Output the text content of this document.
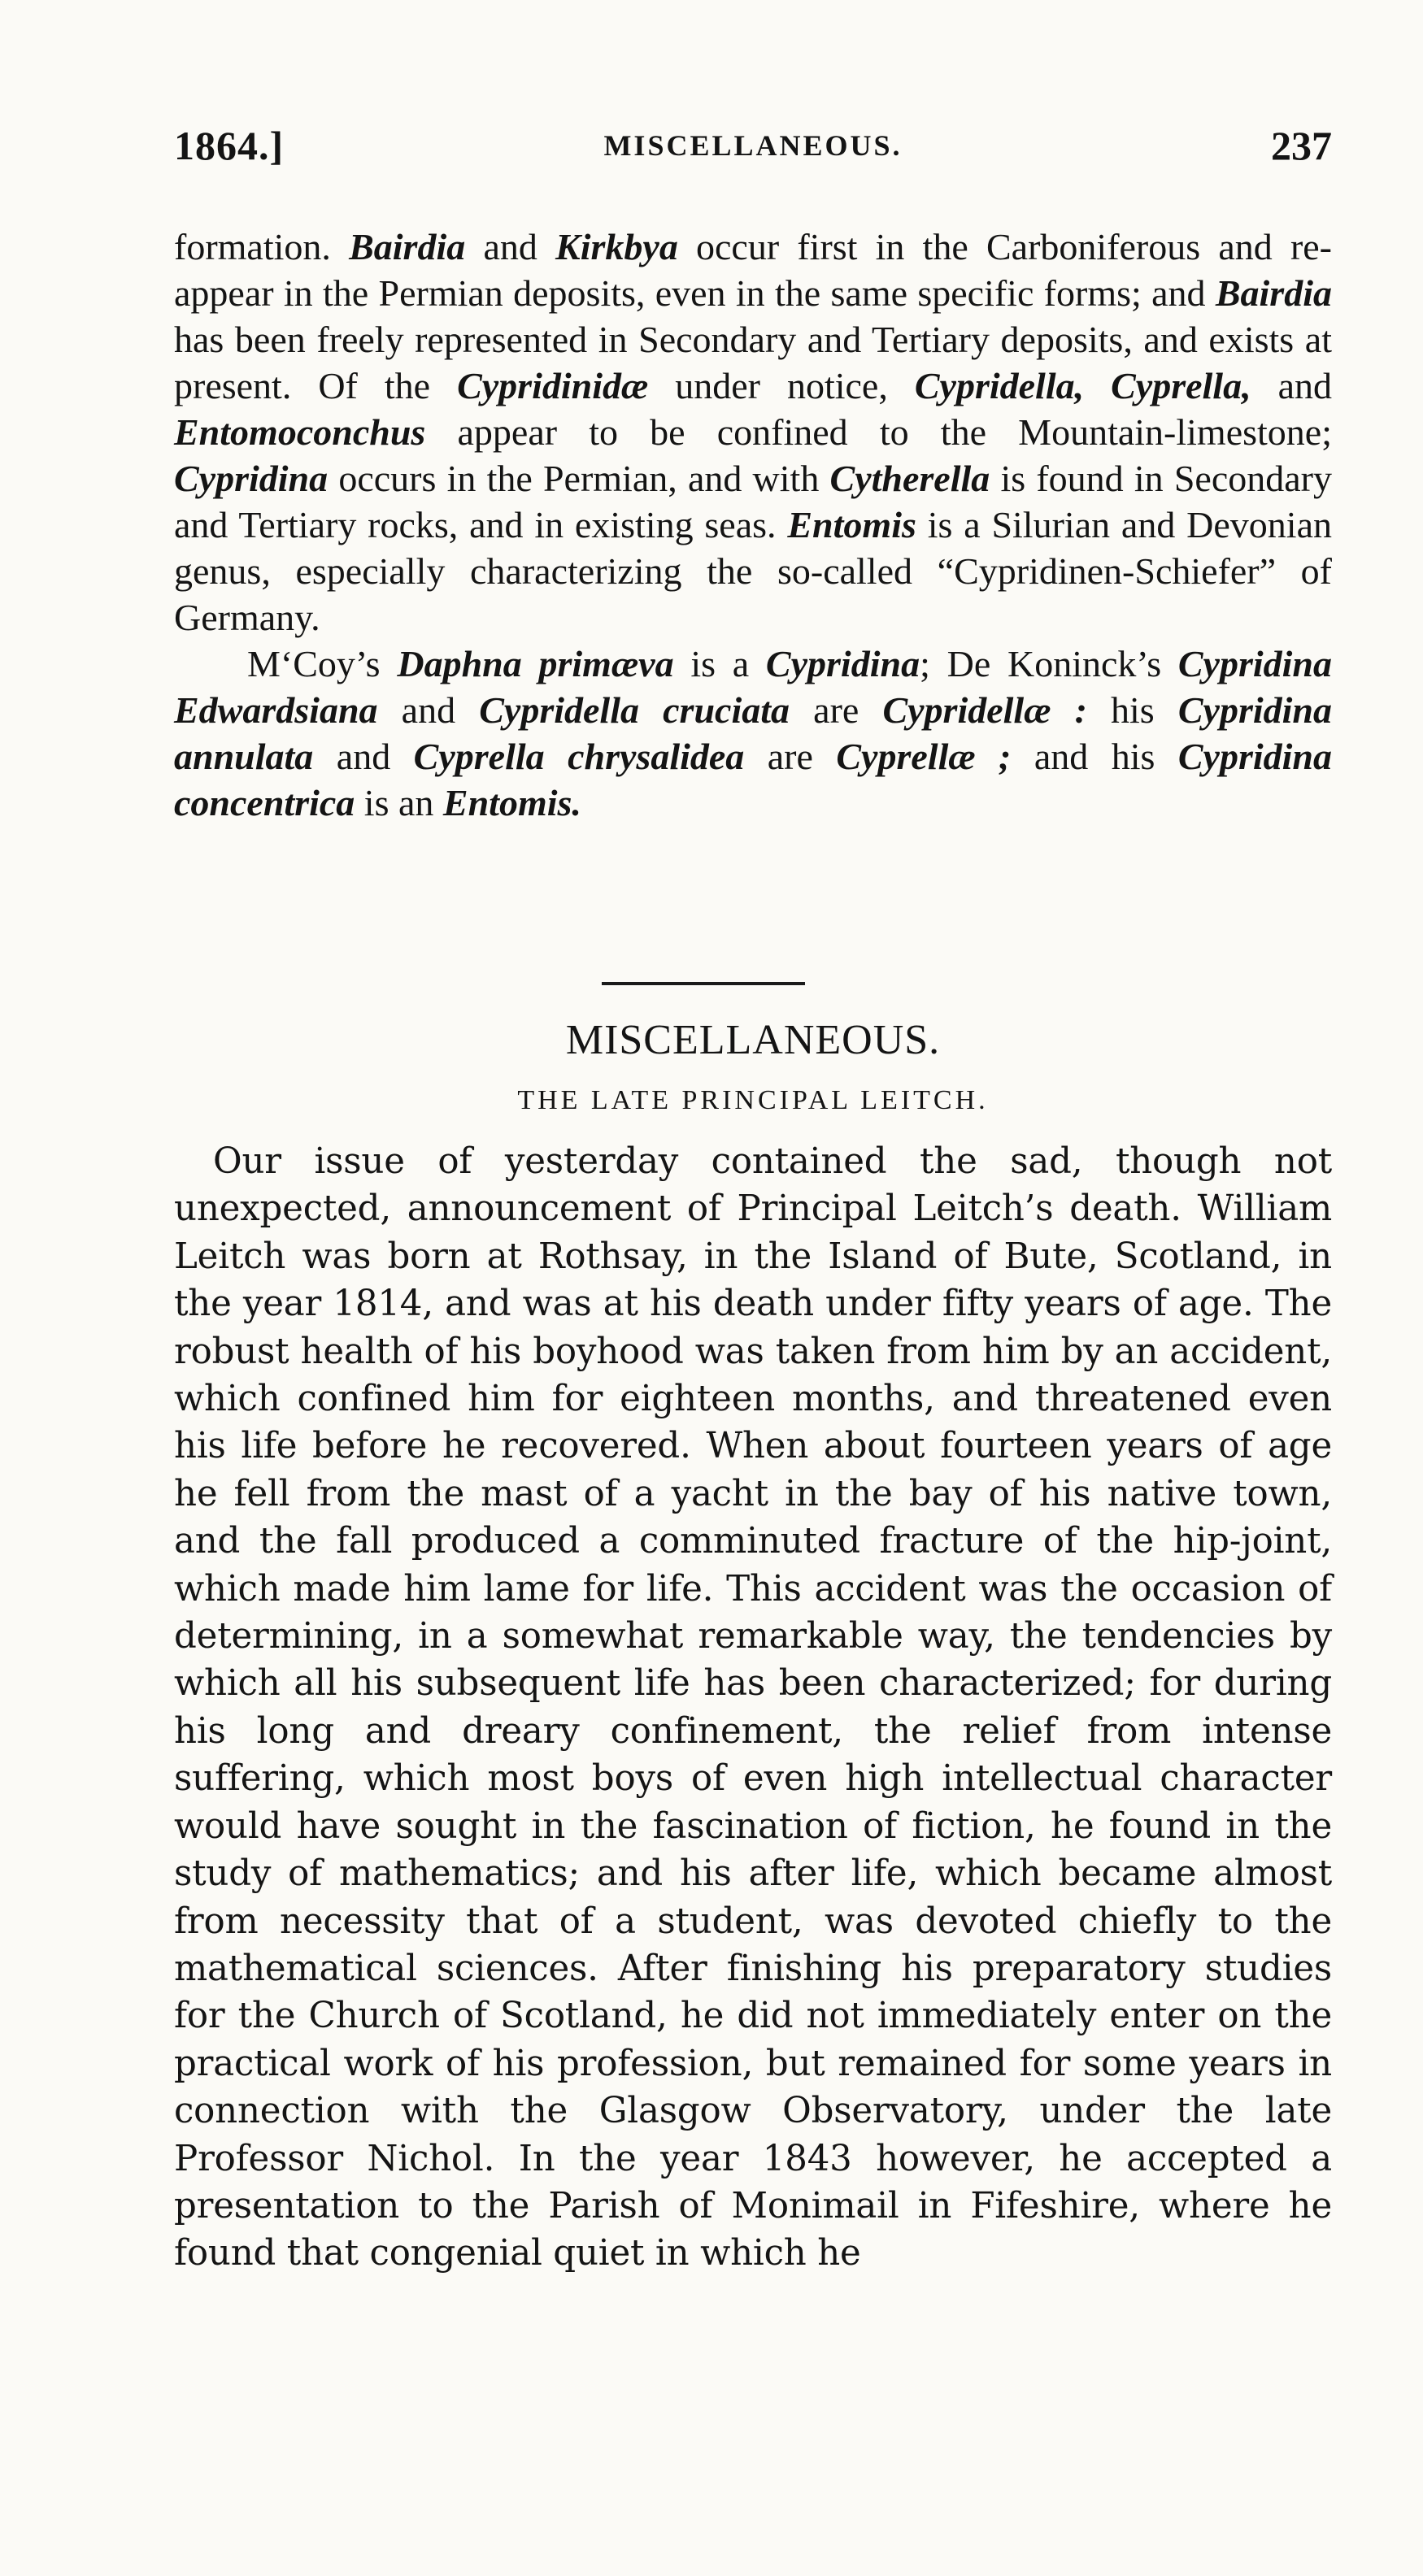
1864.]	MISCELLANEOUS.	237

formation. Bairdia and Kirkbya occur first in the Carboniferous and re-appear in the Permian deposits, even in the same specific forms; and Bairdia has been freely represented in Secondary and Tertiary deposits, and exists at present. Of the Cypridinidæ under notice, Cypridella, Cyprella, and Entomoconchus appear to be confined to the Mountain-limestone; Cypridina occurs in the Permian, and with Cytherella is found in Secondary and Tertiary rocks, and in existing seas. Entomis is a Silurian and Devonian genus, especially characterizing the so-called “Cypridinen-Schiefer” of Germany.

M‘Coy’s Daphna primæva is a Cypridina; De Koninck’s Cypridina Edwardsiana and Cypridella cruciata are Cypridellæ : his Cypridina annulata and Cyprella chrysalidea are Cyprellæ ; and his Cypridina concentrica is an Entomis.

MISCELLANEOUS.
THE LATE PRINCIPAL LEITCH.

Our issue of yesterday contained the sad, though not unexpected, announcement of Principal Leitch’s death. William Leitch was born at Rothsay, in the Island of Bute, Scotland, in the year 1814, and was at his death under fifty years of age. The robust health of his boyhood was taken from him by an accident, which confined him for eighteen months, and threatened even his life before he recovered. When about fourteen years of age he fell from the mast of a yacht in the bay of his native town, and the fall produced a comminuted fracture of the hip-joint, which made him lame for life. This accident was the occasion of determining, in a somewhat remarkable way, the tendencies by which all his subsequent life has been characterized; for during his long and dreary confinement, the relief from intense suffering, which most boys of even high intellectual character would have sought in the fascination of fiction, he found in the study of mathematics; and his after life, which became almost from necessity that of a student, was devoted chiefly to the mathematical sciences. After finishing his preparatory studies for the Church of Scotland, he did not immediately enter on the practical work of his profession, but remained for some years in connection with the Glasgow Observatory, under the late Professor Nichol. In the year 1843 however, he accepted a presentation to the Parish of Monimail in Fifeshire, where he found that congenial quiet in which he
